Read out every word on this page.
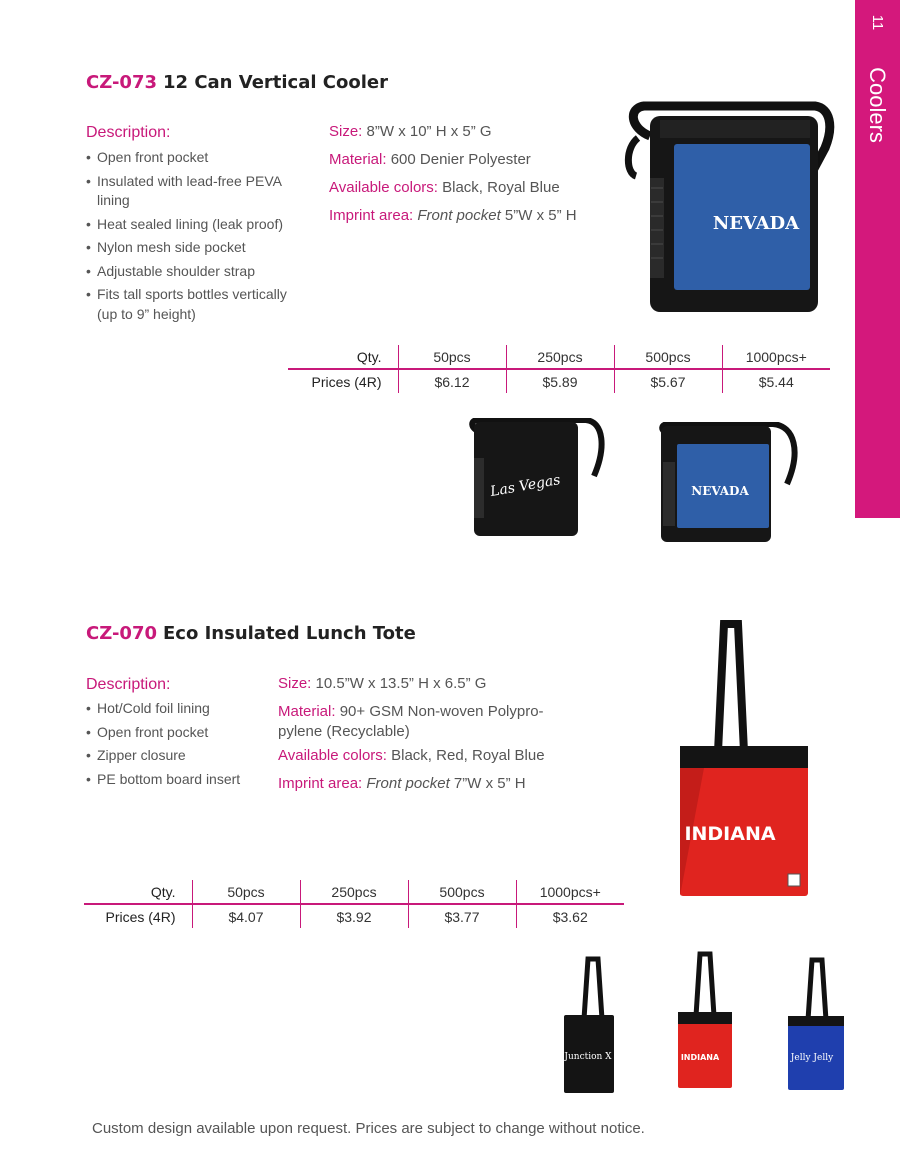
11
Coolers
CZ-073 12 Can Vertical Cooler
Description:
• Open front pocket
• Insulated with lead-free PEVA lining
• Heat sealed lining (leak proof)
• Nylon mesh side pocket
• Adjustable shoulder strap
• Fits tall sports bottles vertically (up to 9” height)

Size: 8”W x 10” H x 5” G

Material: 600 Denier Polyester

Available colors: Black, Royal Blue

Imprint area: Front pocket 5”W x 5” H

Qty.	50pcs	250pcs	500pcs	1000pcs+
Prices (4R)	$6.12	$5.89	$5.67	$5.44
NEVADA
Las Vegas	NEVADA
CZ-070 Eco Insulated Lunch Tote
Description:
• Hot/Cold foil lining
• Open front pocket
• Zipper closure
• PE bottom board insert

Size: 10.5”W x 13.5” H x 6.5” G

Material: 90+ GSM Non-woven Polypro-pylene (Recyclable)

Available colors: Black, Red, Royal Blue

Imprint area: Front pocket 7”W x 5” H

Qty.	50pcs	250pcs	500pcs	1000pcs+
Prices (4R)	$4.07	$3.92	$3.77	$3.62
INDIANA
Junction X	INDIANA	Jelly Jelly
Custom design available upon request. Prices are subject to change without notice.
